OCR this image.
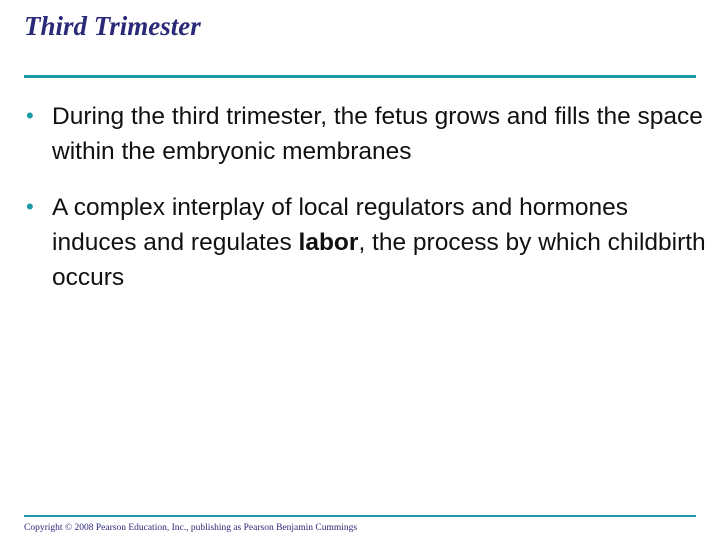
Third Trimester
• During the third trimester, the fetus grows and fills the space within the embryonic membranes
• A complex interplay of local regulators and hormones induces and regulates labor, the process by which childbirth occurs
Copyright © 2008 Pearson Education, Inc., publishing as Pearson Benjamin Cummings
